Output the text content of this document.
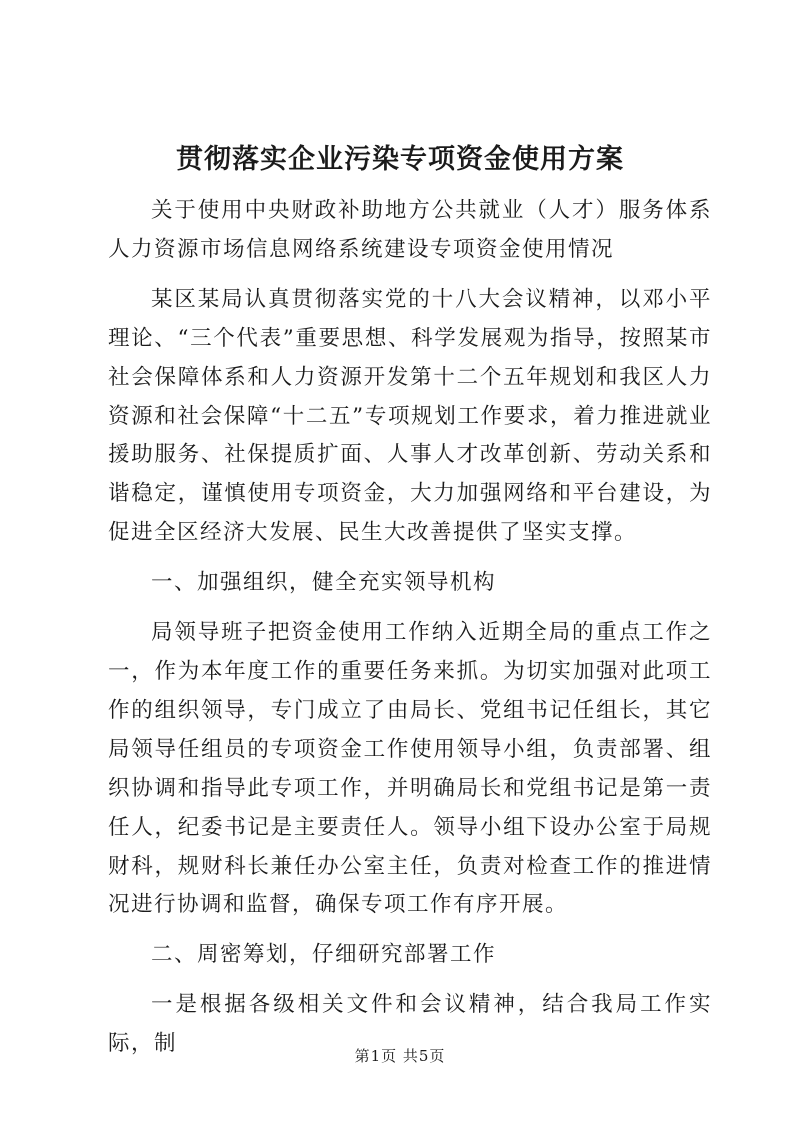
贯彻落实企业污染专项资金使用方案

关于使用中央财政补助地方公共就业（人才）服务体系人力资源市场信息网络系统建设专项资金使用情况

某区某局认真贯彻落实党的十八大会议精神，以邓小平理论、“三个代表”重要思想、科学发展观为指导，按照某市社会保障体系和人力资源开发第十二个五年规划和我区人力资源和社会保障“十二五”专项规划工作要求，着力推进就业援助服务、社保提质扩面、人事人才改革创新、劳动关系和谐稳定，谨慎使用专项资金，大力加强网络和平台建设，为促进全区经济大发展、民生大改善提供了坚实支撑。

一、加强组织，健全充实领导机构

局领导班子把资金使用工作纳入近期全局的重点工作之一，作为本年度工作的重要任务来抓。为切实加强对此项工作的组织领导，专门成立了由局长、党组书记任组长，其它局领导任组员的专项资金工作使用领导小组，负责部署、组织协调和指导此专项工作，并明确局长和党组书记是第一责任人，纪委书记是主要责任人。领导小组下设办公室于局规财科，规财科长兼任办公室主任，负责对检查工作的推进情况进行协调和监督，确保专项工作有序开展。

二、周密筹划，仔细研究部署工作

一是根据各级相关文件和会议精神，结合我局工作实际，制	第1页 共5页
